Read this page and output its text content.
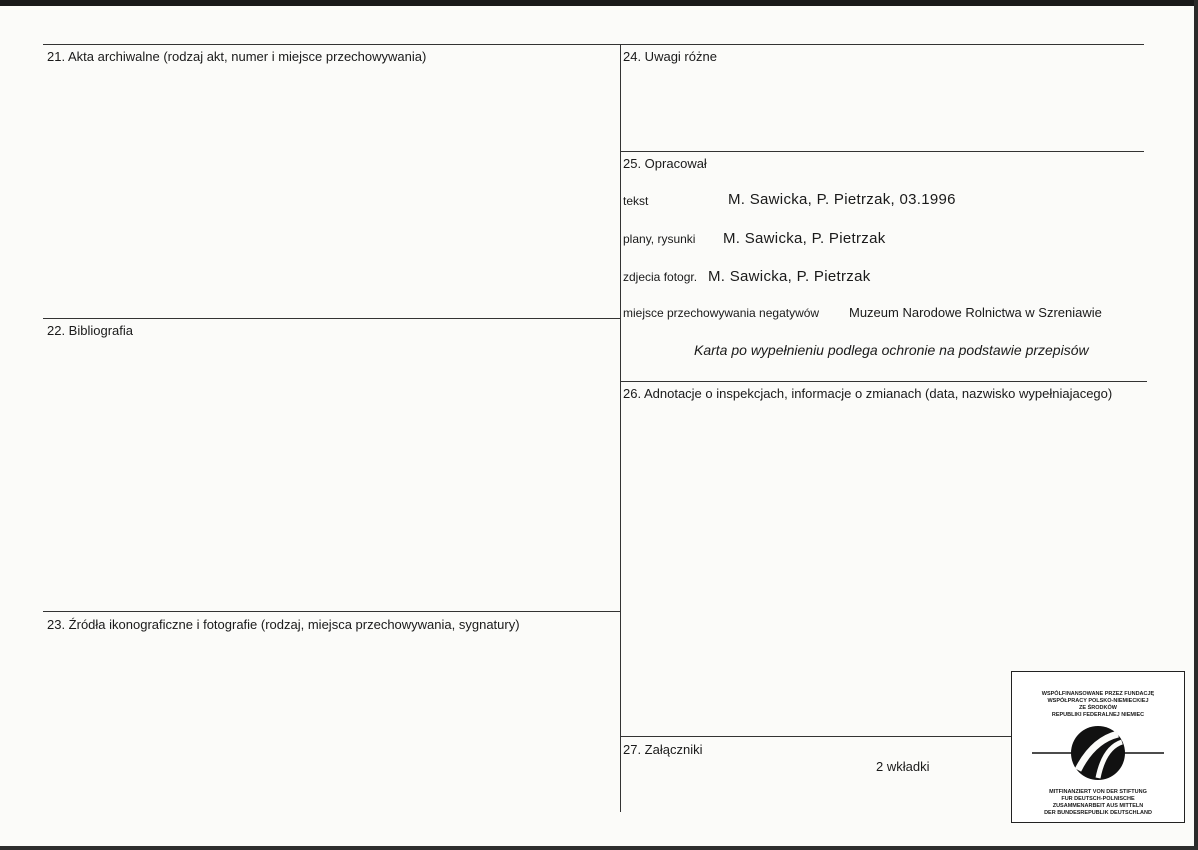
21. Akta archiwalne (rodzaj akt, numer i miejsce przechowywania)
22. Bibliografia
23. Źródła ikonograficzne i fotografie (rodzaj, miejsca przechowywania, sygnatury)
24. Uwagi różne
25. Opracował
tekst	M. Sawicka, P. Pietrzak, 03.1996
plany, rysunki M. Sawicka, P. Pietrzak
zdjecia fotogr. M. Sawicka, P. Pietrzak
miejsce przechowywania negatywów Muzeum Narodowe Rolnictwa w Szreniawie
Karta po wypełnieniu podlega ochronie na podstawie przepisów
26. Adnotacje o inspekcjach, informacje o zmianach (data, nazwisko wypełniajacego)
27. Załączniki
2 wkładki
WSPÓLFINANSOWANE PRZEZ FUNDACJĘ
WSPÓŁPRACY POLSKO-NIEMIECKIEJ
ZE ŚRODKÓW
REPUBLIKI FEDERALNEJ NIEMIEC
MITFINANZIERT VON DER STIFTUNG
FUR DEUTSCH-POLNISCHE
ZUSAMMENARBEIT AUS MITTELN
DER BUNDESREPUBLIK DEUTSCHLAND
